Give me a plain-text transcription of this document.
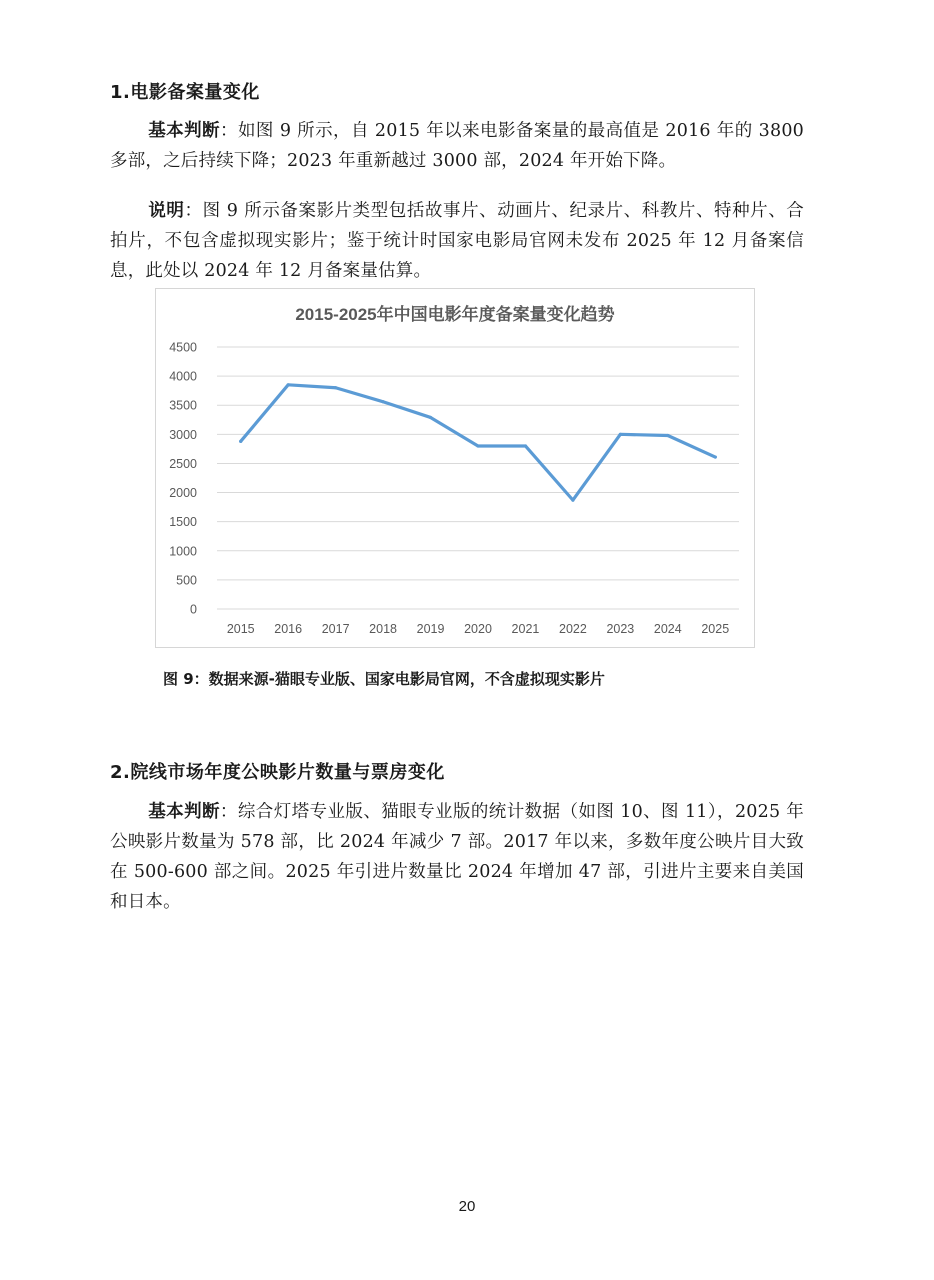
1.电影备案量变化
基本判断：如图 9 所示，自 2015 年以来电影备案量的最高值是 2016 年的 3800 多部，之后持续下降；2023 年重新越过 3000 部，2024 年开始下降。
说明：图 9 所示备案影片类型包括故事片、动画片、纪录片、科教片、特种片、合拍片，不包含虚拟现实影片；鉴于统计时国家电影局官网未发布 2025 年 12 月备案信息，此处以 2024 年 12 月备案量估算。
2015-2025年中国电影年度备案量变化趋势
0
500
1000
1500
2000
2500
3000
3500
4000
4500
2015 2016 2017 2018 2019 2020 2021 2022 2023 2024 2025
图 9：数据来源-猫眼专业版、国家电影局官网，不含虚拟现实影片
2.院线市场年度公映影片数量与票房变化
基本判断：综合灯塔专业版、猫眼专业版的统计数据（如图 10、图 11），2025 年公映影片数量为 578 部，比 2024 年减少 7 部。2017 年以来，多数年度公映片目大致在 500-600 部之间。2025 年引进片数量比 2024 年增加 47 部，引进片主要来自美国和日本。
20
